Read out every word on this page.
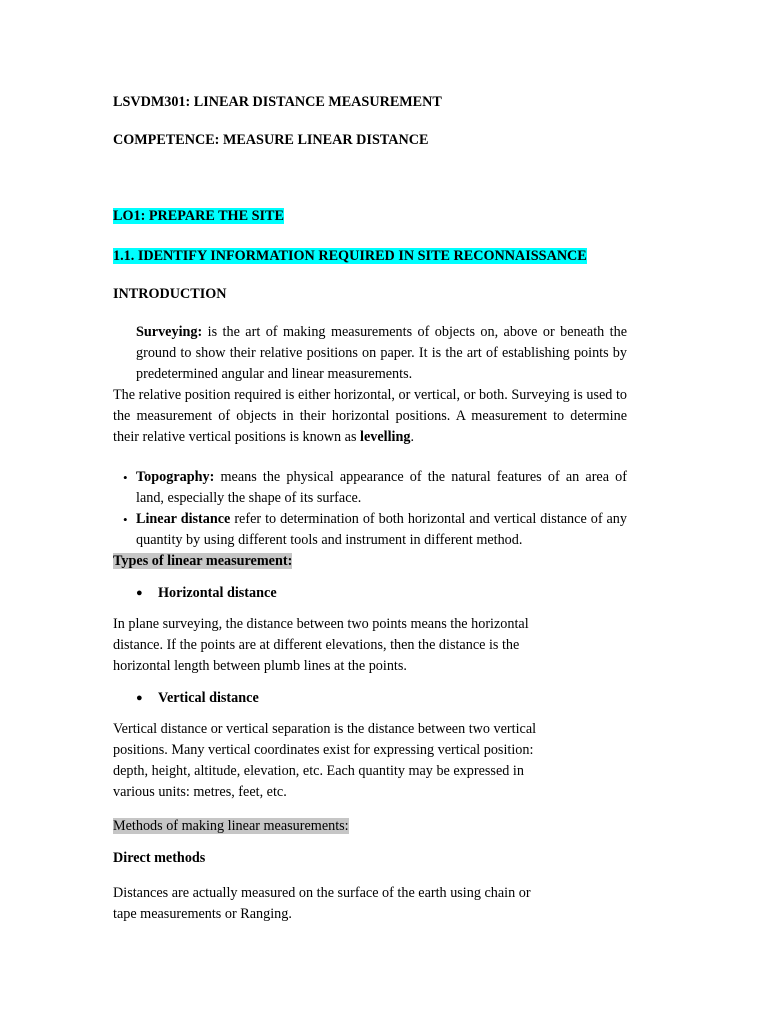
LSVDM301: LINEAR DISTANCE MEASUREMENT

COMPETENCE: MEASURE LINEAR DISTANCE

LO1: PREPARE THE SITE

1.1. IDENTIFY INFORMATION REQUIRED IN SITE RECONNAISSANCE

INTRODUCTION

Surveying: is the art of making measurements of objects on, above or beneath the ground to show their relative positions on paper. It is the art of establishing points by predetermined angular and linear measurements.

The relative position required is either horizontal, or vertical, or both. Surveying is used to the measurement of objects in their horizontal positions. A measurement to determine their relative vertical positions is known as levelling.

• Topography: means the physical appearance of the natural features of an area of land, especially the shape of its surface.

• Linear distance refer to determination of both horizontal and vertical distance of any quantity by using different tools and instrument in different method.

Types of linear measurement:

● Horizontal distance

In plane surveying, the distance between two points means the horizontal

distance. If the points are at different elevations, then the distance is the

horizontal length between plumb lines at the points.

● Vertical distance

Vertical distance or vertical separation is the distance between two vertical

positions. Many vertical coordinates exist for expressing vertical position:

depth, height, altitude, elevation, etc. Each quantity may be expressed in

various units: metres, feet, etc.

Methods of making linear measurements:

Direct methods

Distances are actually measured on the surface of the earth using chain or

tape measurements or Ranging.
